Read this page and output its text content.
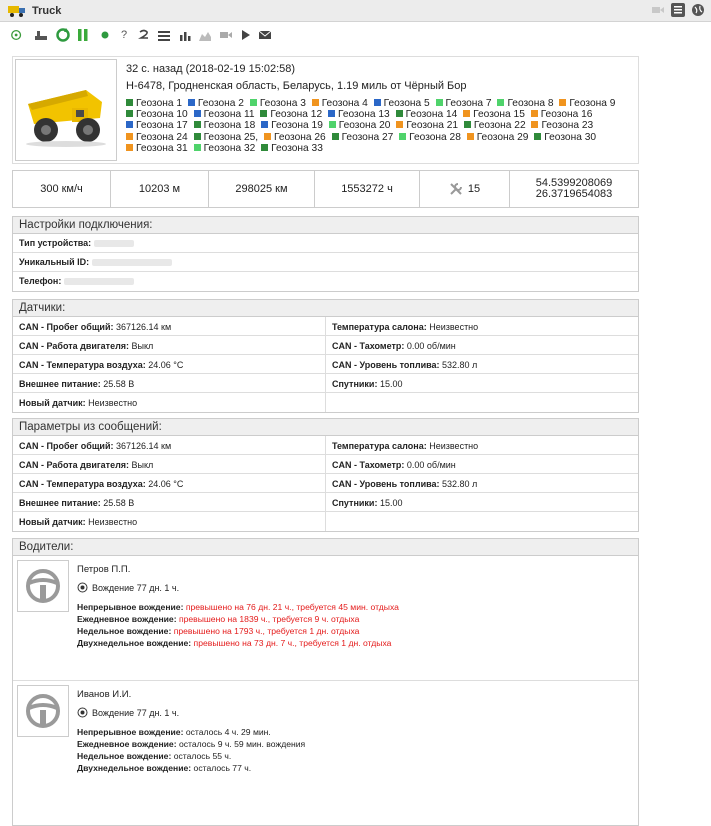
Truck
?
32 с. назад (2018-02-19 15:02:58)
Н-6478, Гродненская область, Беларусь, 1.19 миль от Чёрный Бор
Геозона 1 Геозона 2 Геозона 3 Геозона 4 Геозона 5 Геозона 7 Геозона 8 Геозона 9 Геозона 10 Геозона 11 Геозона 12 Геозона 13 Геозона 14 Геозона 15 Геозона 16 Геозона 17 Геозона 18 Геозона 19 Геозона 20 Геозона 21 Геозона 22 Геозона 23 Геозона 24 Геозона 25, Геозона 26 Геозона 27 Геозона 28 Геозона 29 Геозона 30 Геозона 31 Геозона 32 Геозона 33
300 км/ч	10203 м	298025 км	1553272 ч	15	54.5399208069
26.3719654083
Настройки подключения:
Тип устройства:
Уникальный ID:
Телефон:
Датчики:
CAN - Пробег общий: 367126.14 км	Температура салона: Неизвестно
CAN - Работа двигателя: Выкл	CAN - Тахометр: 0.00 об/мин
CAN - Температура воздуха: 24.06 °C	CAN - Уровень топлива: 532.80 л
Внешнее питание: 25.58 В	Спутники: 15.00
Новый датчик: Неизвестно
Параметры из сообщений:
CAN - Пробег общий: 367126.14 км	Температура салона: Неизвестно
CAN - Работа двигателя: Выкл	CAN - Тахометр: 0.00 об/мин
CAN - Температура воздуха: 24.06 °C	CAN - Уровень топлива: 532.80 л
Внешнее питание: 25.58 В	Спутники: 15.00
Новый датчик: Неизвестно
Водители:
Петров П.П.
Вождение 77 дн. 1 ч.
Непрерывное вождение: превышено на 76 дн. 21 ч., требуется 45 мин. отдыха
Ежедневное вождение: превышено на 1839 ч., требуется 9 ч. отдыха
Недельное вождение: превышено на 1793 ч., требуется 1 дн. отдыха
Двухнедельное вождение: превышено на 73 дн. 7 ч., требуется 1 дн. отдыха
Иванов И.И.
Вождение 77 дн. 1 ч.
Непрерывное вождение: осталось 4 ч. 29 мин.
Ежедневное вождение: осталось 9 ч. 59 мин. вождения
Недельное вождение: осталось 55 ч.
Двухнедельное вождение: осталось 77 ч.
